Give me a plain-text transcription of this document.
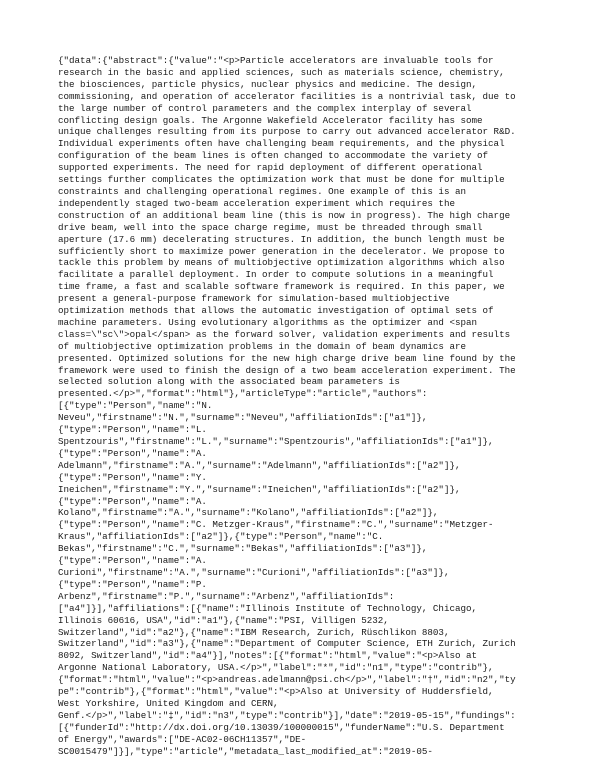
{"data":{"abstract":{"value":"<p>Particle accelerators are invaluable tools for
research in the basic and applied sciences, such as materials science, chemistry,
the biosciences, particle physics, nuclear physics and medicine. The design,
commissioning, and operation of accelerator facilities is a nontrivial task, due to
the large number of control parameters and the complex interplay of several
conflicting design goals. The Argonne Wakefield Accelerator facility has some
unique challenges resulting from its purpose to carry out advanced accelerator R&D.
Individual experiments often have challenging beam requirements, and the physical
configuration of the beam lines is often changed to accommodate the variety of
supported experiments. The need for rapid deployment of different operational
settings further complicates the optimization work that must be done for multiple
constraints and challenging operational regimes. One example of this is an
independently staged two-beam acceleration experiment which requires the
construction of an additional beam line (this is now in progress). The high charge
drive beam, well into the space charge regime, must be threaded through small
aperture (17.6 mm) decelerating structures. In addition, the bunch length must be
sufficiently short to maximize power generation in the decelerator. We propose to
tackle this problem by means of multiobjective optimization algorithms which also
facilitate a parallel deployment. In order to compute solutions in a meaningful
time frame, a fast and scalable software framework is required. In this paper, we
present a general-purpose framework for simulation-based multiobjective
optimization methods that allows the automatic investigation of optimal sets of
machine parameters. Using evolutionary algorithms as the optimizer and <span
class=\"sc\">opal</span> as the forward solver, validation experiments and results
of multiobjective optimization problems in the domain of beam dynamics are
presented. Optimized solutions for the new high charge drive beam line found by the
framework were used to finish the design of a two beam acceleration experiment. The
selected solution along with the associated beam parameters is
presented.</p>","format":"html"},"articleType":"article","authors":
[{"type":"Person","name":"N.
Neveu","firstname":"N.","surname":"Neveu","affiliationIds":["a1"]},
{"type":"Person","name":"L.
Spentzouris","firstname":"L.","surname":"Spentzouris","affiliationIds":["a1"]},
{"type":"Person","name":"A.
Adelmann","firstname":"A.","surname":"Adelmann","affiliationIds":["a2"]},
{"type":"Person","name":"Y.
Ineichen","firstname":"Y.","surname":"Ineichen","affiliationIds":["a2"]},
{"type":"Person","name":"A.
Kolano","firstname":"A.","surname":"Kolano","affiliationIds":["a2"]},
{"type":"Person","name":"C. Metzger-Kraus","firstname":"C.","surname":"Metzger-
Kraus","affiliationIds":["a2"]},{"type":"Person","name":"C.
Bekas","firstname":"C.","surname":"Bekas","affiliationIds":["a3"]},
{"type":"Person","name":"A.
Curioni","firstname":"A.","surname":"Curioni","affiliationIds":["a3"]},
{"type":"Person","name":"P.
Arbenz","firstname":"P.","surname":"Arbenz","affiliationIds":
["a4"]}],"affiliations":[{"name":"Illinois Institute of Technology, Chicago,
Illinois 60616, USA","id":"a1"},{"name":"PSI, Villigen 5232,
Switzerland","id":"a2"},{"name":"IBM Research, Zurich, Rüschlikon 8803,
Switzerland","id":"a3"},{"name":"Department of Computer Science, ETH Zurich, Zurich
8092, Switzerland","id":"a4"}],"notes":[{"format":"html","value":"<p>Also at
Argonne National Laboratory, USA.</p>","label":"*","id":"n1","type":"contrib"},
{"format":"html","value":"<p>andreas.adelmann@psi.ch</p>","label":"†","id":"n2","ty
pe":"contrib"},{"format":"html","value":"<p>Also at University of Huddersfield,
West Yorkshire, United Kingdom and CERN,
Genf.</p>","label":"‡","id":"n3","type":"contrib"}],"date":"2019-05-15","fundings":
[{"funderId":"http://dx.doi.org/10.13039/100000015","funderName":"U.S. Department
of Energy","awards":["DE-AC02-06CH11357","DE-
SC0015479"]}],"type":"article","metadata_last_modified_at":"2019-05-
